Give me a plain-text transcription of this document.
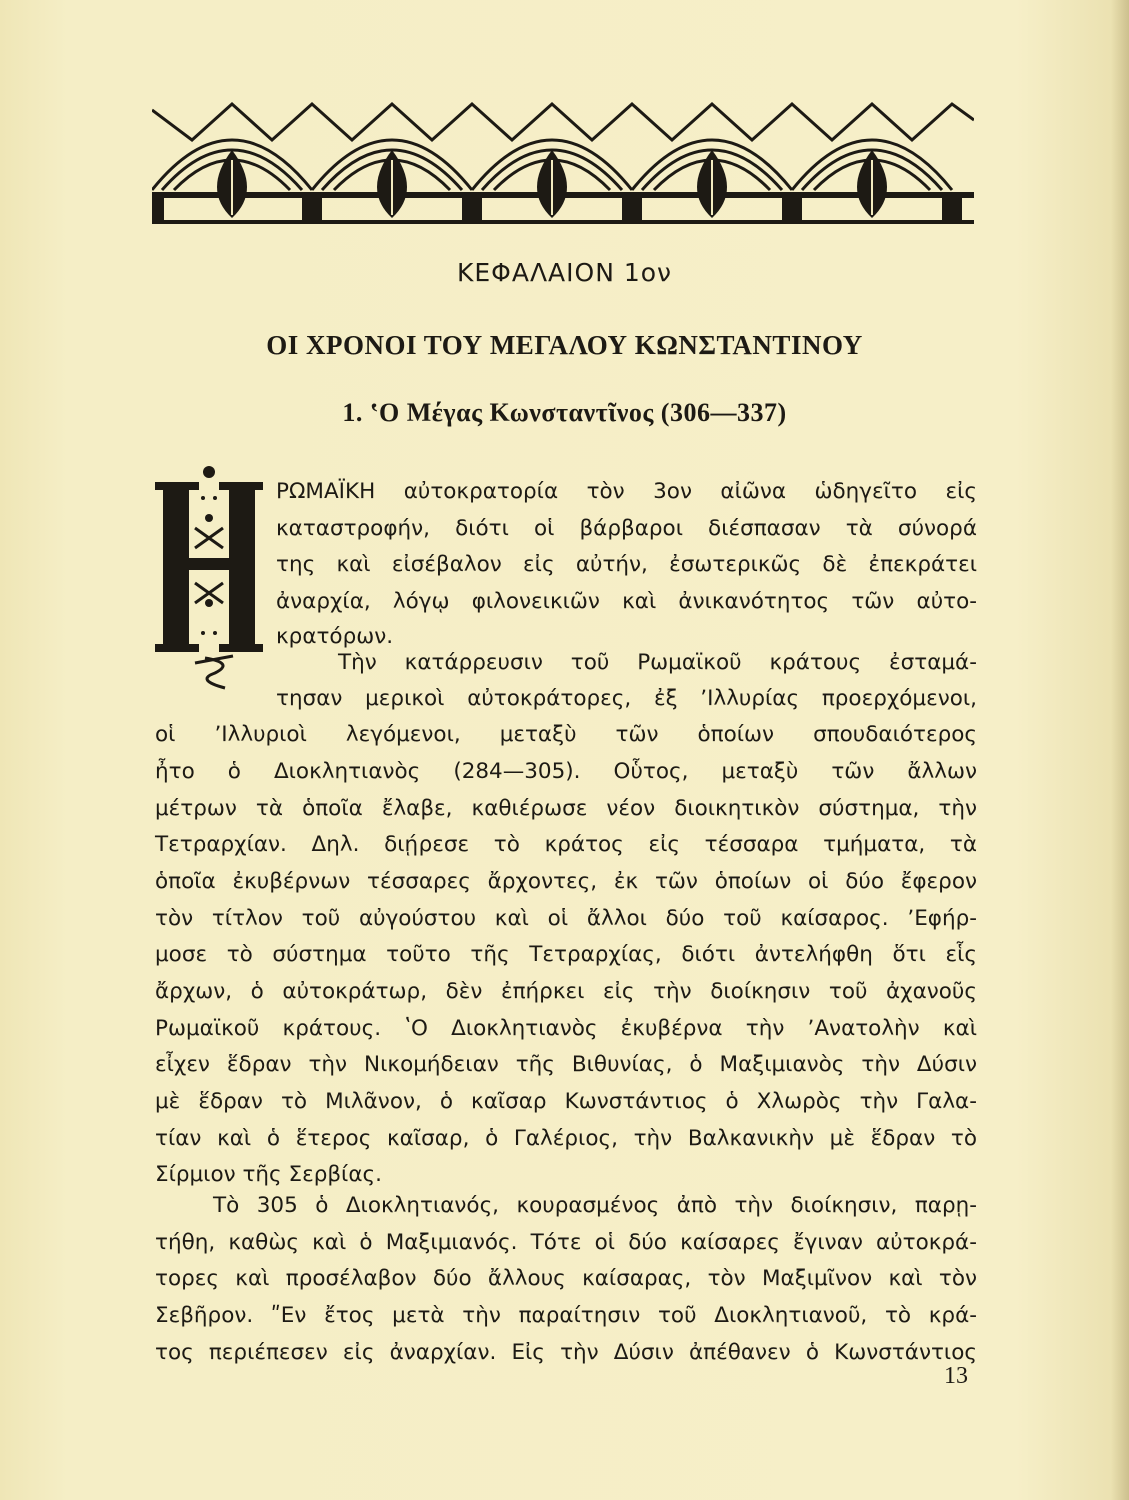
ΚΕΦΑΛΑΙΟΝ 1ον
ΟΙ ΧΡΟΝΟΙ ΤΟΥ ΜΕΓΑΛΟΥ ΚΩΝΣΤΑΝΤΙΝΟΥ
1. ʽΟ Μέγας Κωνσταντῖνος (306—337)
ΡΩΜΑΪΚΗ αὐτοκρατορία τὸν 3ον αἰῶνα ὡδηγεῖτο εἰς
καταστροφήν, διότι οἱ βάρβαροι διέσπασαν τὰ σύνορά
της καὶ εἰσέβαλον εἰς αὐτήν, ἐσωτερικῶς δὲ ἐπεκράτει
ἀναρχία, λόγῳ φιλονεικιῶν καὶ ἀνικανότητος τῶν αὐτο-
κρατόρων.
Τὴν κατάρρευσιν τοῦ Ρωμαϊκοῦ κράτους ἐσταμά-
τησαν μερικοὶ αὐτοκράτορες, ἐξ ʼΙλλυρίας προερχόμενοι,
οἱ ʼΙλλυριοὶ λεγόμενοι, μεταξὺ τῶν ὁποίων σπουδαιότερος
ἦτο ὁ Διοκλητιανὸς (284—305). Οὗτος, μεταξὺ τῶν ἄλλων
μέτρων τὰ ὁποῖα ἔλαβε, καθιέρωσε νέον διοικητικὸν σύστημα, τὴν
Τετραρχίαν. Δηλ. διῄρεσε τὸ κράτος εἰς τέσσαρα τμήματα, τὰ
ὁποῖα ἐκυβέρνων τέσσαρες ἄρχοντες, ἐκ τῶν ὁποίων οἱ δύο ἔφερον
τὸν τίτλον τοῦ αὐγούστου καὶ οἱ ἄλλοι δύο τοῦ καίσαρος. ʼΕφήρ-
μοσε τὸ σύστημα τοῦτο τῆς Τετραρχίας, διότι ἀντελήφθη ὅτι εἷς
ἄρχων, ὁ αὐτοκράτωρ, δὲν ἐπήρκει εἰς τὴν διοίκησιν τοῦ ἀχανοῦς
Ρωμαϊκοῦ κράτους. ʽΟ Διοκλητιανὸς ἐκυβέρνα τὴν ʼΑνατολὴν καὶ
εἶχεν ἕδραν τὴν Νικομήδειαν τῆς Βιθυνίας, ὁ Μαξιμιανὸς τὴν Δύσιν
μὲ ἕδραν τὸ Μιλᾶνον, ὁ καῖσαρ Κωνστάντιος ὁ Χλωρὸς τὴν Γαλα-
τίαν καὶ ὁ ἕτερος καῖσαρ, ὁ Γαλέριος, τὴν Βαλκανικὴν μὲ ἕδραν τὸ
Σίρμιον τῆς Σερβίας.
Τὸ 305 ὁ Διοκλητιανός, κουρασμένος ἀπὸ τὴν διοίκησιν, παρῃ-
τήθη, καθὼς καὶ ὁ Μαξιμιανός. Τότε οἱ δύο καίσαρες ἔγιναν αὐτοκρά-
τορες καὶ προσέλαβον δύο ἄλλους καίσαρας, τὸν Μαξιμῖνον καὶ τὸν
Σεβῆρον. ʺΕν ἔτος μετὰ τὴν παραίτησιν τοῦ Διοκλητιανοῦ, τὸ κρά-
τος περιέπεσεν εἰς ἀναρχίαν. Εἰς τὴν Δύσιν ἀπέθανεν ὁ Κωνστάντιος
13
